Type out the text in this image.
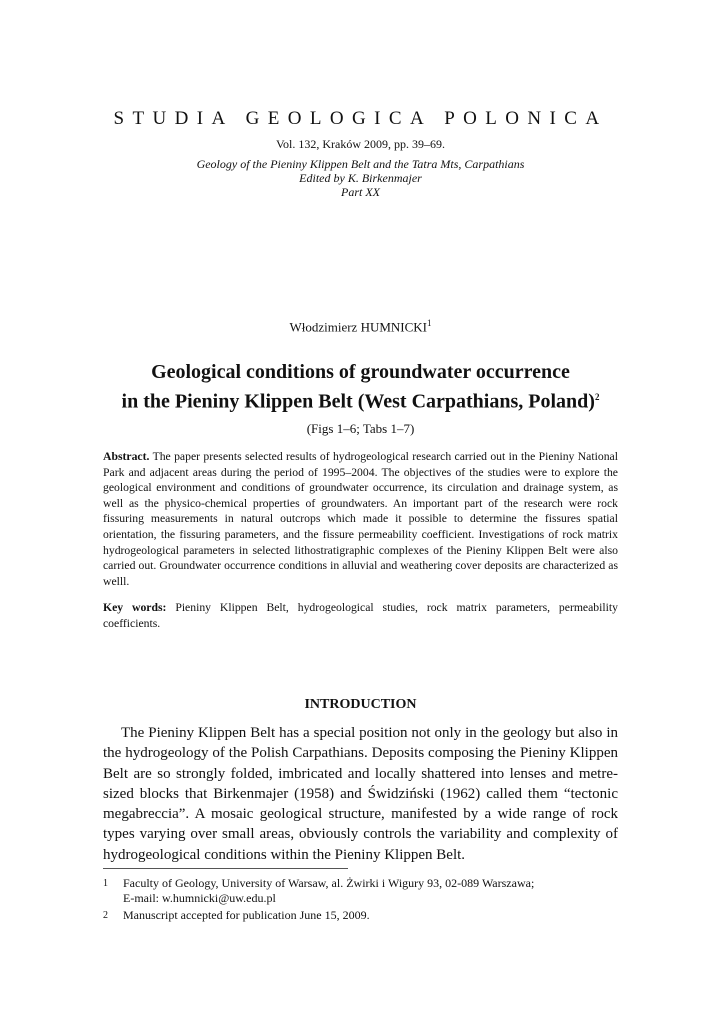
STUDIA GEOLOGICA POLONICA
Vol. 132, Kraków 2009, pp. 39–69.
Geology of the Pieniny Klippen Belt and the Tatra Mts, Carpathians
Edited by K. Birkenmajer
Part XX
Włodzimierz HUMNICKI$^1$
Geological conditions of groundwater occurrence
in the Pieniny Klippen Belt (West Carpathians, Poland)$^2$
(Figs 1–6; Tabs 1–7)
Abstract. The paper presents selected results of hydrogeological research carried out in the Pieniny National Park and adjacent areas during the period of 1995–2004. The objectives of the studies were to explore the geological environment and conditions of groundwater occurrence, its circulation and drainage system, as well as the physico-chemical properties of groundwaters. An important part of the research were rock fissuring measurements in natural outcrops which made it possible to determine the fissures spatial orientation, the fissuring parameters, and the fissure permeability coefficient. Investigations of rock matrix hydrogeological parameters in selected lithostratigraphic complexes of the Pieniny Klippen Belt were also carried out. Groundwater occurrence conditions in alluvial and weathering cover deposits are characterized as welll.
Key words: Pieniny Klippen Belt, hydrogeological studies, rock matrix parameters, permeability coefficients.
INTRODUCTION
The Pieniny Klippen Belt has a special position not only in the geology but also in the hydrogeology of the Polish Carpathians. Deposits composing the Pieniny Klippen Belt are so strongly folded, imbricated and locally shattered into lenses and metre-sized blocks that Birkenmajer (1958) and Świdziński (1962) called them “tectonic megabreccia”. A mosaic geological structure, manifested by a wide range of rock types varying over small areas, obviously controls the variability and complexity of hydrogeological conditions within the Pieniny Klippen Belt.
1 Faculty of Geology, University of Warsaw, al. Żwirki i Wigury 93, 02-089 Warszawa;
E-mail: w.humnicki@uw.edu.pl
2 Manuscript accepted for publication June 15, 2009.
